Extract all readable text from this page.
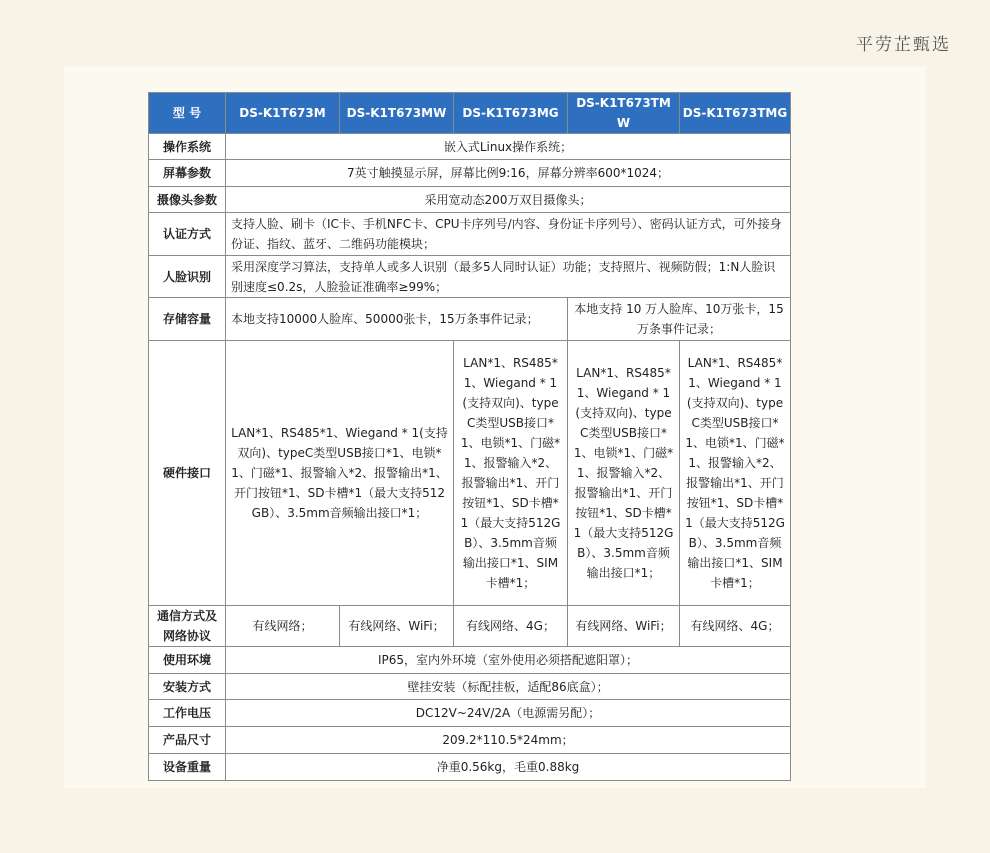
平劳芷甄选
型 号	DS-K1T673M	DS-K1T673MW	DS-K1T673MG	DS-K1T673TMW	DS-K1T673TMG
操作系统	嵌入式Linux操作系统；				
屏幕参数	7英寸触摸显示屏，屏幕比例9:16，屏幕分辨率600*1024；				
摄像头参数	采用宽动态200万双目摄像头；				
认证方式	支持人脸、刷卡（IC卡、手机NFC卡、CPU卡序列号/内容、身份证卡序列号）、密码认证方式，可外接身份证、指纹、蓝牙、二维码功能模块；				
人脸识别	采用深度学习算法，支持单人或多人识别（最多5人同时认证）功能；支持照片、视频防假；1:N人脸识别速度≤0.2s，人脸验证准确率≥99%；				
存储容量	本地支持10000人脸库、50000张卡，15万条事件记录；			本地支持 10 万人脸库、10万张卡，15 万条事件记录；	
硬件接口	LAN*1、RS485*1、Wiegand * 1(支持双向)、typeC类型USB接口*1、电锁*1、门磁*1、报警输入*2、报警输出*1、开门按钮*1、SD卡槽*1（最大支持512GB）、3.5mm音频输出接口*1；		LAN*1、RS485*1、Wiegand * 1(支持双向)、typeC类型USB接口*1、电锁*1、门磁*1、报警输入*2、报警输出*1、开门按钮*1、SD卡槽*1（最大支持512GB）、3.5mm音频输出接口*1、SIM卡槽*1；	LAN*1、RS485*1、Wiegand * 1(支持双向)、typeC类型USB接口*1、电锁*1、门磁*1、报警输入*2、报警输出*1、开门按钮*1、SD卡槽*1（最大支持512GB）、3.5mm音频输出接口*1；	LAN*1、RS485*1、Wiegand * 1(支持双向)、typeC类型USB接口*1、电锁*1、门磁*1、报警输入*2、报警输出*1、开门按钮*1、SD卡槽*1（最大支持512GB）、3.5mm音频输出接口*1、SIM卡槽*1；
通信方式及网络协议	有线网络；	有线网络、WiFi；	有线网络、4G；	有线网络、WiFi；	有线网络、4G；
使用环境	IP65，室内外环境（室外使用必须搭配遮阳罩）；				
安装方式	壁挂安装（标配挂板，适配86底盒）；				
工作电压	DC12V~24V/2A（电源需另配）；				
产品尺寸	209.2*110.5*24mm；				
设备重量	净重0.56kg，毛重0.88kg				
